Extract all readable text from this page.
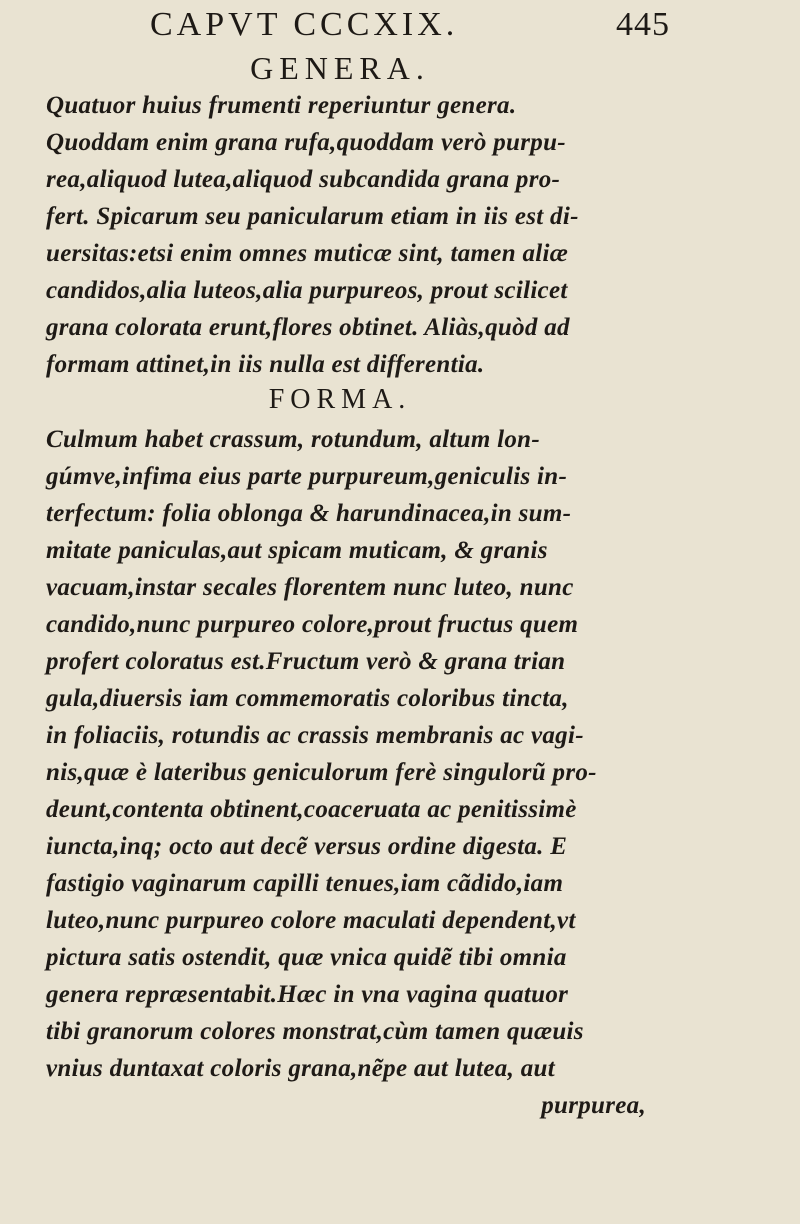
CAPVT CCCXIX.	445
GENERA.
Quatuor huius frumenti reperiuntur genera.
Quoddam enim grana rufa,quoddam verò purpu-
rea,aliquod lutea,aliquod subcandida grana pro-
fert. Spicarum seu panicularum etiam in iis est di-
uersitas:etsi enim omnes muticæ sint, tamen aliæ
candidos,alia luteos,alia purpureos, prout scilicet
grana colorata erunt,flores obtinet. Aliàs,quòd ad
formam attinet,in iis nulla est differentia.
FORMA.
Culmum habet crassum, rotundum, altum lon-
gúmve,infima eius parte purpureum,geniculis in-
terfectum: folia oblonga & harundinacea,in sum-
mitate paniculas,aut spicam muticam, & granis
vacuam,instar secales florentem nunc luteo, nunc
candido,nunc purpureo colore,prout fructus quem
profert coloratus est.Fructum verò & grana trian
gula,diuersis iam commemoratis coloribus tincta,
in foliaciis, rotundis ac crassis membranis ac vagi-
nis,quæ è lateribus geniculorum ferè singulorũ pro-
deunt,contenta obtinent,coaceruata ac penitissimè
iuncta,inq; octo aut decẽ versus ordine digesta. E
fastigio vaginarum capilli tenues,iam cãdido,iam
luteo,nunc purpureo colore maculati dependent,vt
pictura satis ostendit, quæ vnica quidẽ tibi omnia
genera repræsentabit.Hæc in vna vagina quatuor
tibi granorum colores monstrat,cùm tamen quæuis
vnius duntaxat coloris grana,nẽpe aut lutea, aut
purpurea,
